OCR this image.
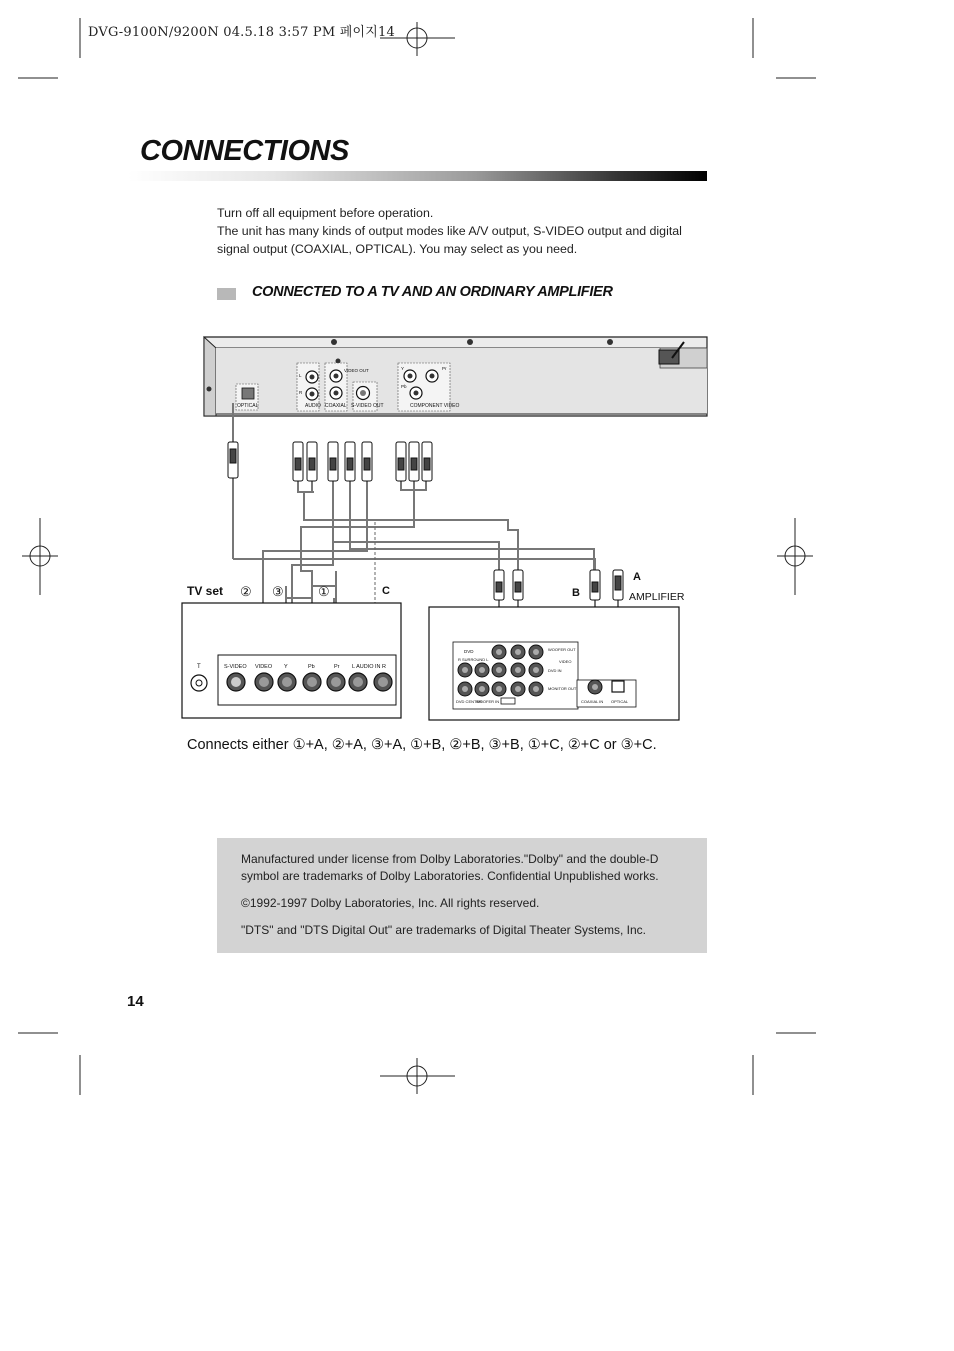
DVG-9100N/9200N 04.5.18 3:57 PM 페이지14
CONNECTIONS
Turn off all equipment before operation.
The unit has many kinds of output modes like A/V output, S-VIDEO output and digital signal output (COAXIAL, OPTICAL). You may select as you need.
CONNECTED TO A TV AND AN ORDINARY AMPLIFIER
OPTICAL
L
R
AUDIO
VIDEO OUT
COAXIAL S-VIDEO OUT
Y
Pb
Pr
COMPONENT VIDEO
TV set ② ③	①	C	B
A
AMPLIFIER
T	S-VIDEO VIDEO Y	Pb	Pr L AUDIO IN R
DVD
R SURROUND L
WOOFER OUT
VIDEO
DVD IN
MONITOR OUT
DVD CENTER
WOOFER IN	COAXIAL IN OPTICAL
Connects either ①+A, ②+A, ③+A, ①+B, ②+B, ③+B, ①+C, ②+C or ③+C.

Manufactured under license from Dolby Laboratories."Dolby" and the double-D symbol are trademarks of Dolby Laboratories. Confidential Unpublished works.

©1992-1997 Dolby Laboratories, Inc. All rights reserved.

"DTS" and "DTS Digital Out" are trademarks of Digital Theater Systems, Inc.

14
